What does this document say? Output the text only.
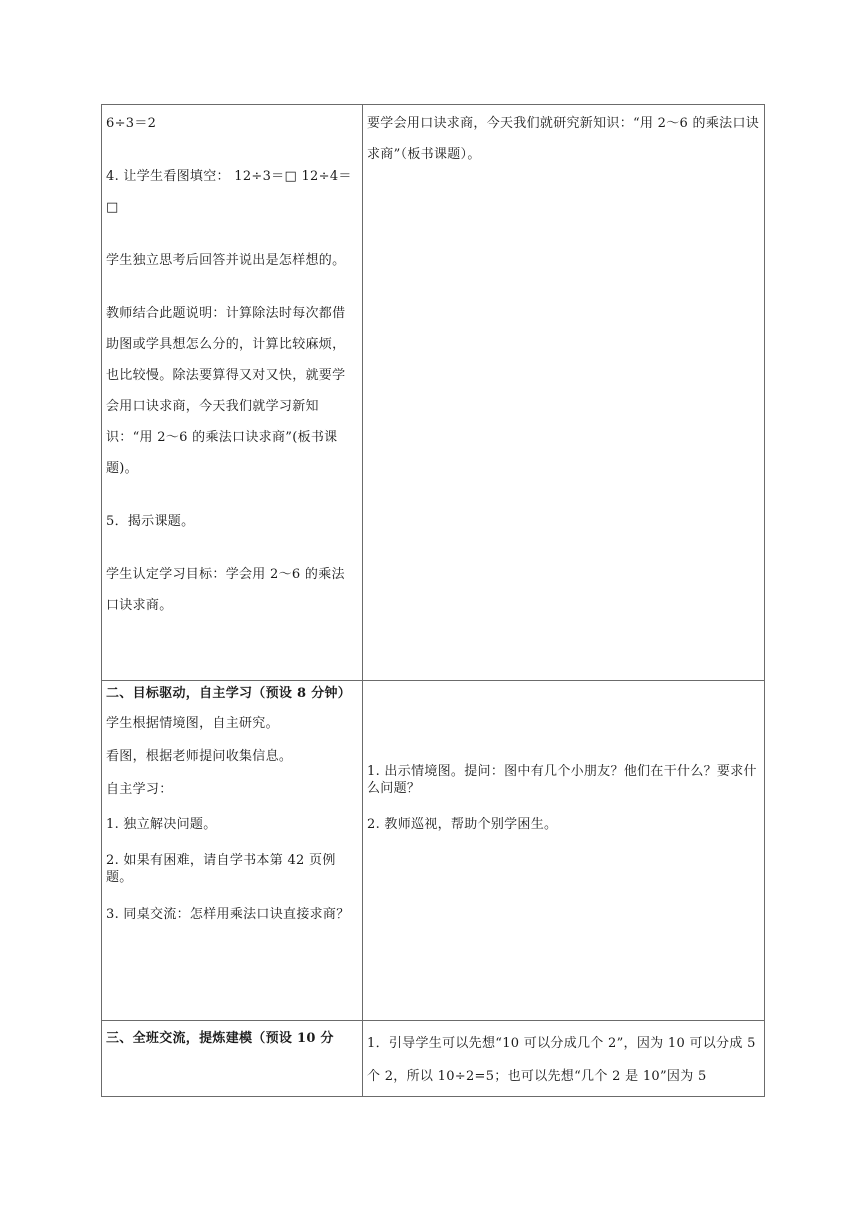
6÷3＝2

4. 让学生看图填空： 12÷3＝□ 12÷4＝□

学生独立思考后回答并说出是怎样想的。

教师结合此题说明：计算除法时每次都借助图或学具想怎么分的，计算比较麻烦，也比较慢。除法要算得又对又快，就要学会用口诀求商，今天我们就学习新知识：“用 2～6 的乘法口诀求商”(板书课题)。

5．揭示课题。

学生认定学习目标：学会用 2～6 的乘法口诀求商。

要学会用口诀求商，今天我们就研究新知识：“用 2～6 的乘法口诀求商”（板书课题）。

二、目标驱动，自主学习（预设 8 分钟）

学生根据情境图，自主研究。

看图，根据老师提问收集信息。

自主学习：

1. 独立解决问题。

2. 如果有困难，请自学书本第 42 页例题。

3. 同桌交流：怎样用乘法口诀直接求商？

1. 出示情境图。提问：图中有几个小朋友？他们在干什么？要求什么问题？

2. 教师巡视，帮助个别学困生。

三、全班交流，提炼建模（预设 10 分	1．引导学生可以先想“10 可以分成几个 2”，因为 10 可以分成 5 个 2，所以 10÷2=5；也可以先想“几个 2 是 10”因为 5
